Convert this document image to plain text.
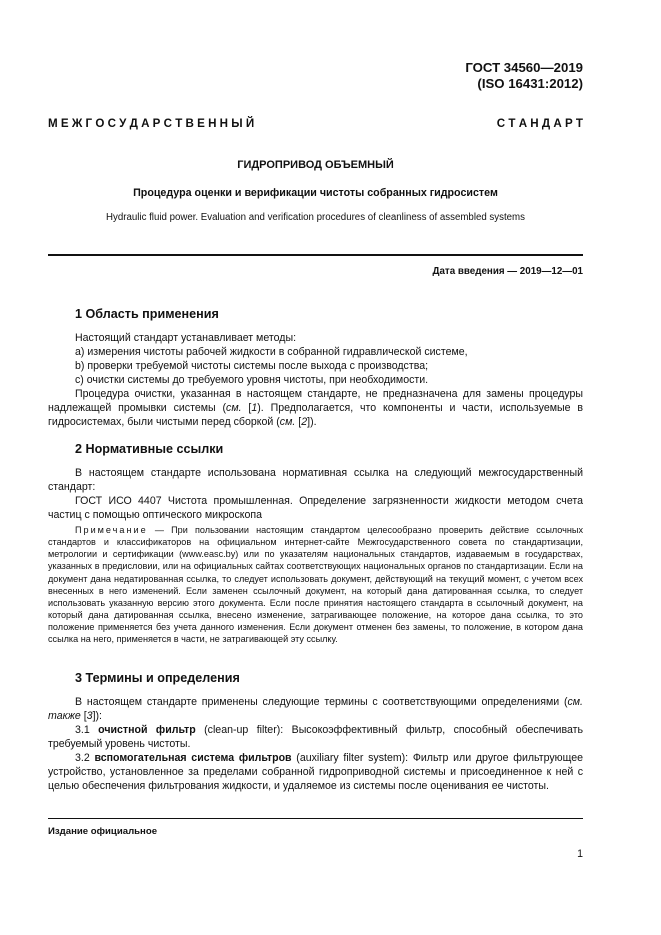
ГОСТ 34560—2019
(ISO 16431:2012)
М Е Ж Г О С У Д А Р С Т В Е Н Н Ы Й	С Т А Н Д А Р Т
ГИДРОПРИВОД ОБЪЕМНЫЙ
Процедура оценки и верификации чистоты собранных гидросистем
Hydraulic fluid power. Evaluation and verification procedures of cleanliness of assembled systems
Дата введения — 2019—12—01
1 Область применения

Настоящий стандарт устанавливает методы:

а) измерения чистоты рабочей жидкости в собранной гидравлической системе,

b) проверки требуемой чистоты системы после выхода с производства;

с) очистки системы до требуемого уровня чистоты, при необходимости.

Процедура очистки, указанная в настоящем стандарте, не предназначена для замены процедуры надлежащей промывки системы (см. [1). Предполагается, что компоненты и части, используемые в гидросистемах, были чистыми перед сборкой (см. [2]).

2 Нормативные ссылки

В настоящем стандарте использована нормативная ссылка на следующий межгосударственный стандарт:

ГОСТ ИСО 4407 Чистота промышленная. Определение загрязненности жидкости методом счета частиц с помощью оптического микроскопа

Примечание — При пользовании настоящим стандартом целесообразно проверить действие ссылочных стандартов и классификаторов на официальном интернет-сайте Межгосударственного совета по стандартизации, метрологии и сертификации (www.easc.by) или по указателям национальных стандартов, издаваемым в государствах, указанных в предисловии, или на официальных сайтах соответствующих национальных органов по стандартизации. Если на документ дана недатированная ссылка, то следует использовать документ, действующий на текущий момент, с учетом всех внесенных в него изменений. Если заменен ссылочный документ, на который дана датированная ссылка, то следует использовать указанную версию этого документа. Если после принятия настоящего стандарта в ссылочный документ, на который дана датированная ссылка, внесено изменение, затрагивающее положение, на которое дана ссылка, то это положение применяется без учета данного изменения. Если документ отменен без замены, то положение, в котором дана ссылка на него, применяется в части, не затрагивающей эту ссылку.

3 Термины и определения

В настоящем стандарте применены следующие термины с соответствующими определениями (см. также [3]):

3.1 очистной фильтр (clean-up filter): Высокоэффективный фильтр, способный обеспечивать требуемый уровень чистоты.

3.2 вспомогательная система фильтров (auxiliary filter system): Фильтр или другое фильтрующее устройство, установленное за пределами собранной гидроприводной системы и присоединенное к ней с целью обеспечения фильтрования жидкости, и удаляемое из системы после оценивания ее чистоты.

Издание официальное
1
